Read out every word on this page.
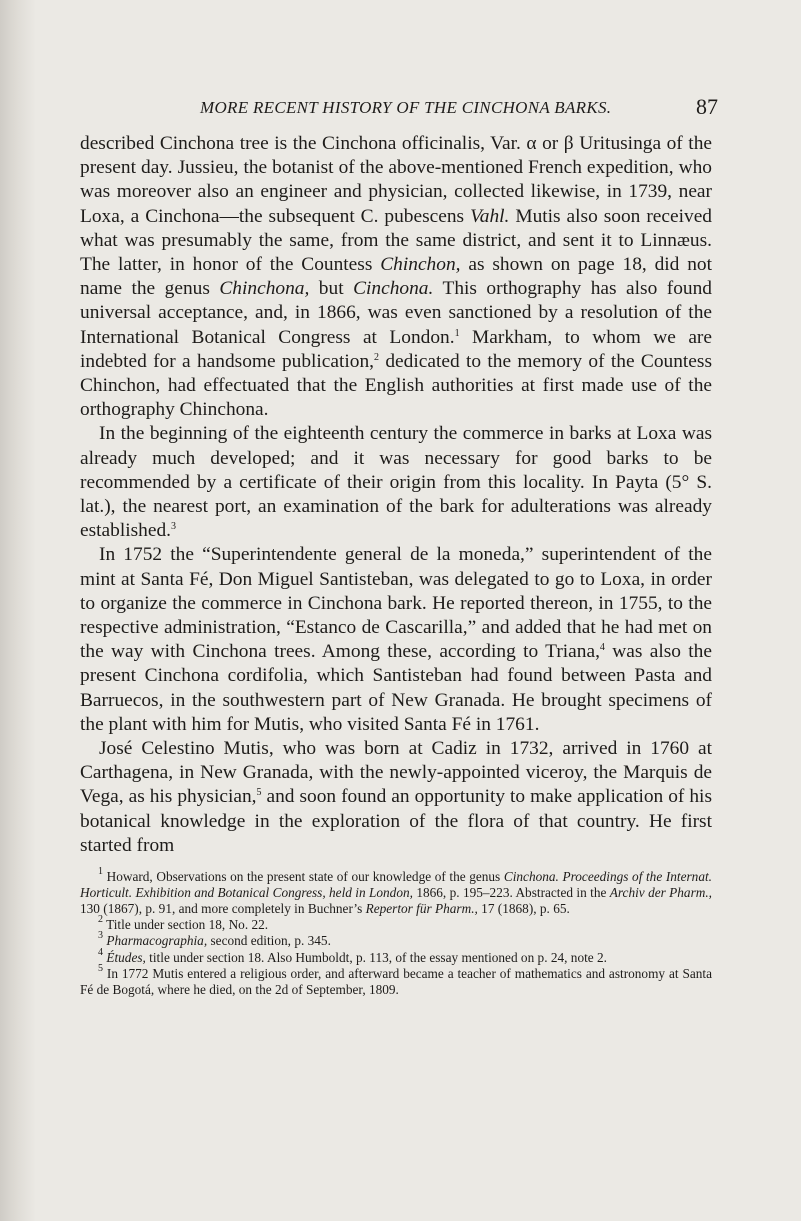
MORE RECENT HISTORY OF THE CINCHONA BARKS.	87

described Cinchona tree is the Cinchona officinalis, Var. α or β Uritusinga of the present day. Jussieu, the botanist of the above-mentioned French expedition, who was moreover also an engineer and physician, collected likewise, in 1739, near Loxa, a Cinchona—the subsequent C. pubescens Vahl. Mutis also soon received what was presumably the same, from the same district, and sent it to Linnæus. The latter, in honor of the Countess Chinchon, as shown on page 18, did not name the genus Chinchona, but Cinchona. This orthography has also found universal acceptance, and, in 1866, was even sanctioned by a resolution of the International Botanical Congress at London.$^1$ Markham, to whom we are indebted for a handsome publication,$^2$ dedicated to the memory of the Countess Chinchon, had effectuated that the English authorities at first made use of the orthography Chinchona.

In the beginning of the eighteenth century the commerce in barks at Loxa was already much developed; and it was necessary for good barks to be recommended by a certificate of their origin from this locality. In Payta (5° S. lat.), the nearest port, an examination of the bark for adulterations was already established.$^3$

In 1752 the “Superintendente general de la moneda,” superintendent of the mint at Santa Fé, Don Miguel Santisteban, was delegated to go to Loxa, in order to organize the commerce in Cinchona bark. He reported thereon, in 1755, to the respective administration, “Estanco de Cascarilla,” and added that he had met on the way with Cinchona trees. Among these, according to Triana,$^4$ was also the present Cinchona cordifolia, which Santisteban had found between Pasta and Barruecos, in the southwestern part of New Granada. He brought specimens of the plant with him for Mutis, who visited Santa Fé in 1761.

José Celestino Mutis, who was born at Cadiz in 1732, arrived in 1760 at Carthagena, in New Granada, with the newly-appointed viceroy, the Marquis de Vega, as his physician,$^5$ and soon found an opportunity to make application of his botanical knowledge in the exploration of the flora of that country. He first started from

$^1$ Howard, Observations on the present state of our knowledge of the genus Cinchona. Proceedings of the Internat. Horticult. Exhibition and Botanical Congress, held in London, 1866, p. 195–223. Abstracted in the Archiv der Pharm., 130 (1867), p. 91, and more completely in Buchner’s Repertor für Pharm., 17 (1868), p. 65.

$^2$ Title under section 18, No. 22.

$^3$ Pharmacographia, second edition, p. 345.

$^4$ Études, title under section 18. Also Humboldt, p. 113, of the essay mentioned on p. 24, note 2.

$^5$ In 1772 Mutis entered a religious order, and afterward became a teacher of mathematics and astronomy at Santa Fé de Bogotá, where he died, on the 2d of September, 1809.
